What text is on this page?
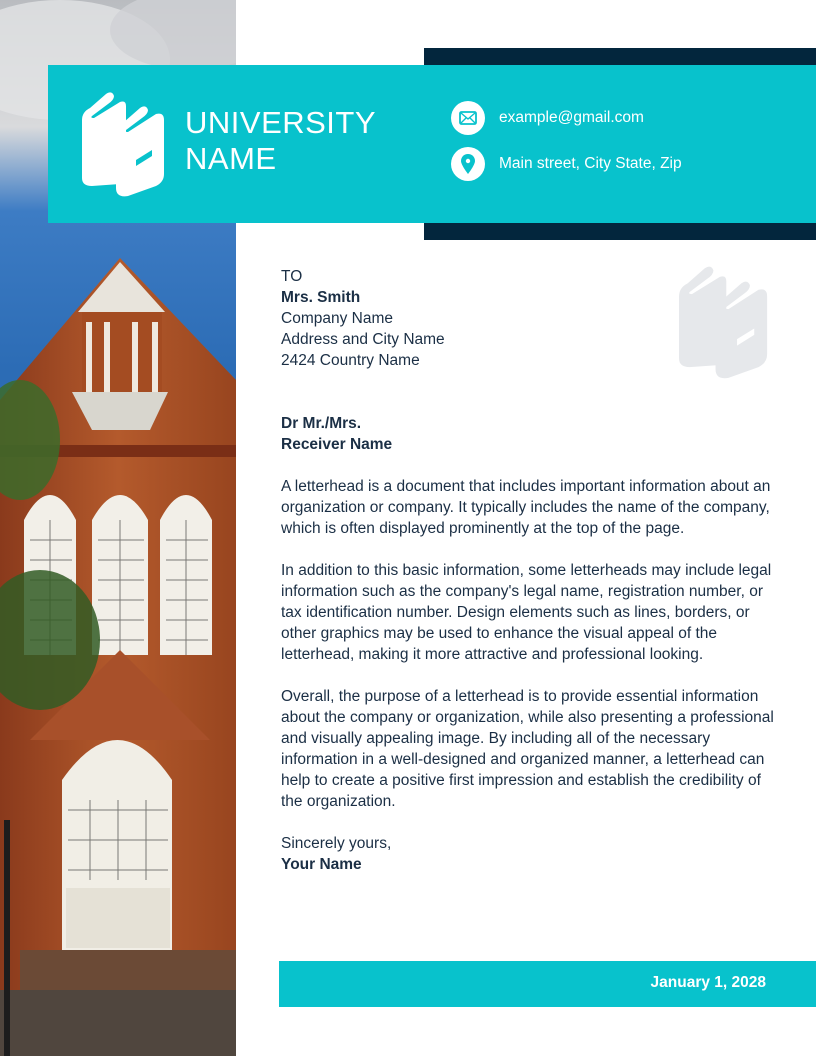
UNIVERSITY
NAME
example@gmail.com
Main street, City State, Zip

TO

Mrs. Smith

Company Name

Address and City Name

2424 Country Name

Dr Mr./Mrs.

Receiver Name

A letterhead is a document that includes important information about an organization or company. It typically includes the name of the company, which is often displayed prominently at the top of the page.

In addition to this basic information, some letterheads may include legal information such as the company's legal name, registration number, or tax identification number. Design elements such as lines, borders, or other graphics may be used to enhance the visual appeal of the letterhead, making it more attractive and professional looking.

Overall, the purpose of a letterhead is to provide essential information about the company or organization, while also presenting a professional and visually appealing image. By including all of the necessary information in a well-designed and organized manner, a letterhead can help to create a positive first impression and establish the credibility of the organization.

Sincerely yours,

Your Name

January 1, 2028
